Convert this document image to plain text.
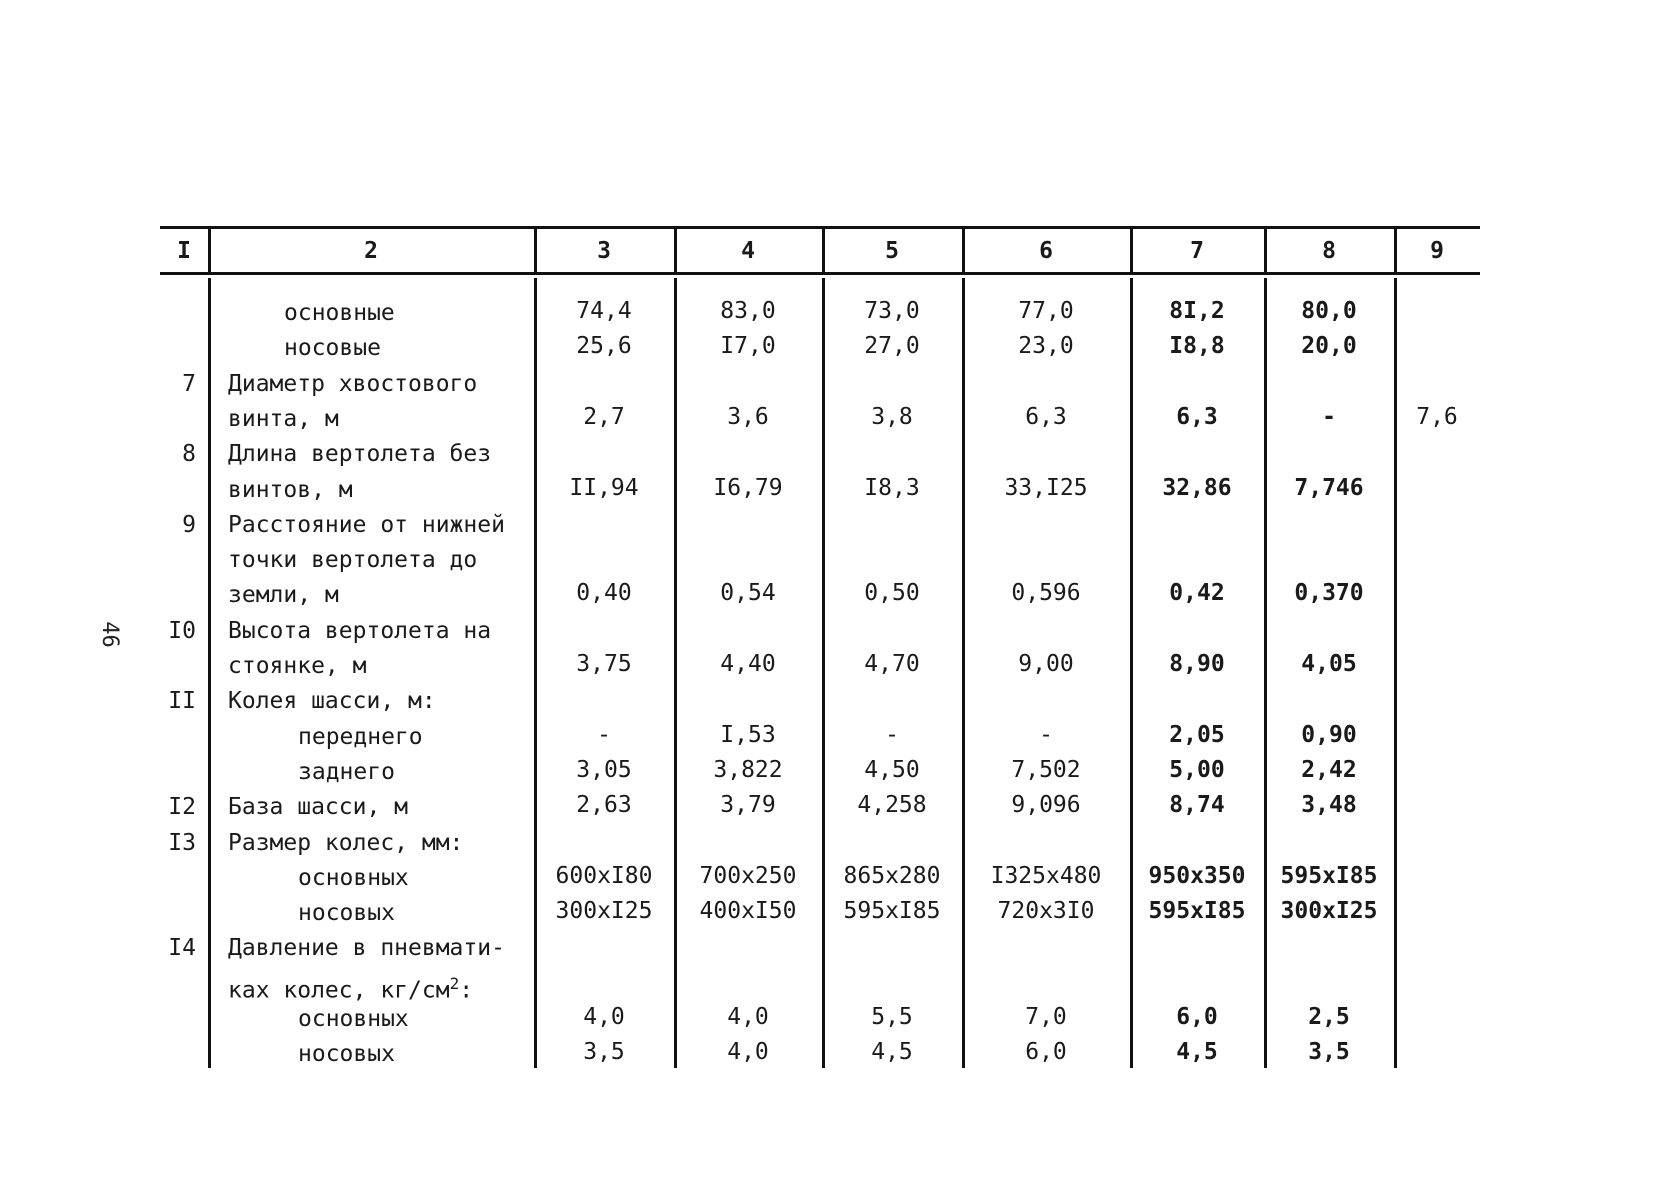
46
I	2	3	4	5	6	7	8	9
основные	74,4	83,0	73,0	77,0	8I,2	80,0
носовые	25,6	I7,0	27,0	23,0	I8,8	20,0
7 Диаметр хвостового
винта, м	2,7	3,6	3,8	6,3	6,3	-	7,6
8 Длина вертолета без
винтов, м	II,94	I6,79	I8,3	33,I25	32,86	7,746
9 Расстояние от нижней
точки вертолета до
земли, м	0,40	0,54	0,50	0,596	0,42	0,370
I0 Высота вертолета на
стоянке, м	3,75	4,40	4,70	9,00	8,90	4,05
II Колея шасси, м:
переднего	-	I,53	-	-	2,05	0,90
заднего	3,05	3,822	4,50	7,502	5,00	2,42
I2 База шасси, м	2,63	3,79	4,258	9,096	8,74	3,48
I3 Размер колес, мм:
основных	600xI80 700x250 865x280 I325x480 950x350 595xI85
носовых	300xI25 400xI50 595xI85 720x3I0 595xI85 300xI25
I4 Давление в пневмати-
ках колес, $кг/см^2$:
основных	4,0	4,0	5,5	7,0	6,0	2,5
носовых	3,5	4,0	4,5	6,0	4,5	3,5
